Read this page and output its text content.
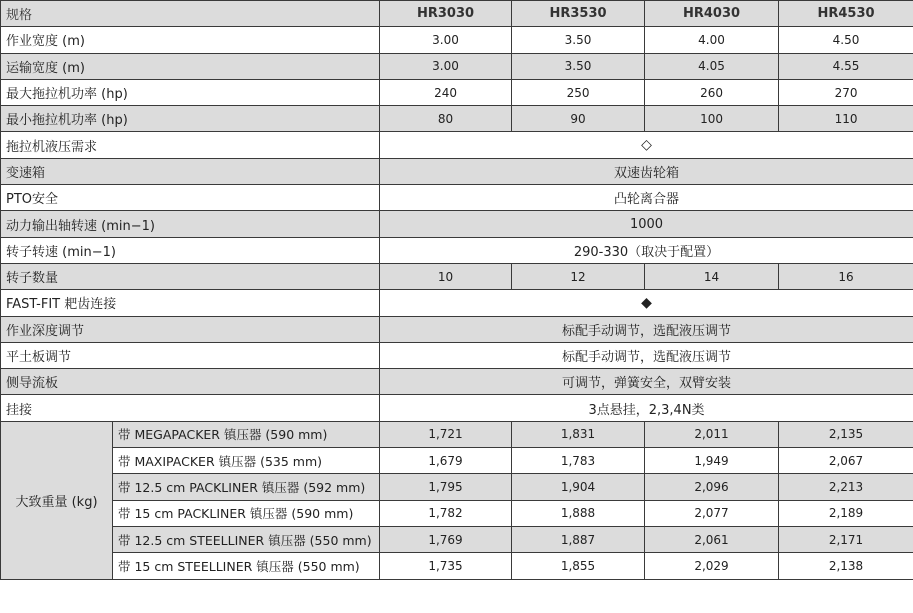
规格		HR3030	HR3530	HR4030	HR4530
作业宽度 (m)		3.00	3.50	4.00	4.50
运输宽度 (m)		3.00	3.50	4.05	4.55
最大拖拉机功率 (hp)		240	250	260	270
最小拖拉机功率 (hp)		80	90	100	110
拖拉机液压需求		◇			
变速箱		双速齿轮箱			
PTO安全		凸轮离合器			
动力输出轴转速 (min−1)		1000			
转子转速 (min−1)		290-330（取决于配置）			
转子数量		10	12	14	16
FAST-FIT 耙齿连接		◆			
作业深度调节		标配手动调节，选配液压调节			
平土板调节		标配手动调节，选配液压调节			
侧导流板		可调节，弹簧安全，双臂安装			
挂接		3点悬挂，2,3,4N类			
大致重量 (kg)	带 MEGAPACKER 镇压器 (590 mm)	1,721	1,831	2,011	2,135
	带 MAXIPACKER 镇压器 (535 mm)	1,679	1,783	1,949	2,067
	带 12.5 cm PACKLINER 镇压器 (592 mm)	1,795	1,904	2,096	2,213
	带 15 cm PACKLINER 镇压器 (590 mm)	1,782	1,888	2,077	2,189
	带 12.5 cm STEELLINER 镇压器 (550 mm)	1,769	1,887	2,061	2,171
	带 15 cm STEELLINER 镇压器 (550 mm)	1,735	1,855	2,029	2,138
